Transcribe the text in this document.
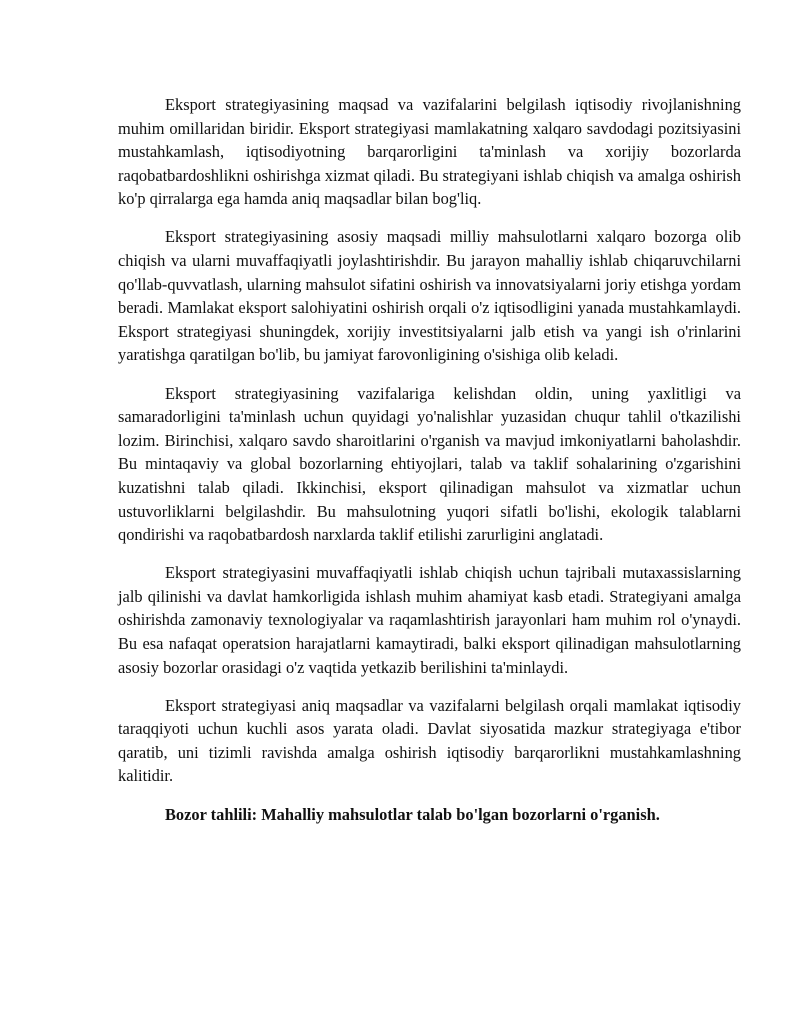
Eksport strategiyasining maqsad va vazifalarini belgilash iqtisodiy rivojlanishning muhim omillaridan biridir. Eksport strategiyasi mamlakatning xalqaro savdodagi pozitsiyasini mustahkamlash, iqtisodiyotning barqarorligini ta'minlash va xorijiy bozorlarda raqobatbardoshlikni oshirishga xizmat qiladi. Bu strategiyani ishlab chiqish va amalga oshirish ko'p qirralarga ega hamda aniq maqsadlar bilan bog'liq.

Eksport strategiyasining asosiy maqsadi milliy mahsulotlarni xalqaro bozorga olib chiqish va ularni muvaffaqiyatli joylashtirishdir. Bu jarayon mahalliy ishlab chiqaruvchilarni qo'llab-quvvatlash, ularning mahsulot sifatini oshirish va innovatsiyalarni joriy etishga yordam beradi. Mamlakat eksport salohiyatini oshirish orqali o'z iqtisodligini yanada mustahkamlaydi. Eksport strategiyasi shuningdek, xorijiy investitsiyalarni jalb etish va yangi ish o'rinlarini yaratishga qaratilgan bo'lib, bu jamiyat farovonligining o'sishiga olib keladi.

Eksport strategiyasining vazifalariga kelishdan oldin, uning yaxlitligi va samaradorligini ta'minlash uchun quyidagi yo'nalishlar yuzasidan chuqur tahlil o'tkazilishi lozim. Birinchisi, xalqaro savdo sharoitlarini o'rganish va mavjud imkoniyatlarni baholashdir. Bu mintaqaviy va global bozorlarning ehtiyojlari, talab va taklif sohalarining o'zgarishini kuzatishni talab qiladi. Ikkinchisi, eksport qilinadigan mahsulot va xizmatlar uchun ustuvorliklarni belgilashdir. Bu mahsulotning yuqori sifatli bo'lishi, ekologik talablarni qondirishi va raqobatbardosh narxlarda taklif etilishi zarurligini anglatadi.

Eksport strategiyasini muvaffaqiyatli ishlab chiqish uchun tajribali mutaxassislarning jalb qilinishi va davlat hamkorligida ishlash muhim ahamiyat kasb etadi. Strategiyani amalga oshirishda zamonaviy texnologiyalar va raqamlashtirish jarayonlari ham muhim rol o'ynaydi. Bu esa nafaqat operatsion harajatlarni kamaytiradi, balki eksport qilinadigan mahsulotlarning asosiy bozorlar orasidagi o'z vaqtida yetkazib berilishini ta'minlaydi.

Eksport strategiyasi aniq maqsadlar va vazifalarni belgilash orqali mamlakat iqtisodiy taraqqiyoti uchun kuchli asos yarata oladi. Davlat siyosatida mazkur strategiyaga e'tibor qaratib, uni tizimli ravishda amalga oshirish iqtisodiy barqarorlikni mustahkamlashning kalitidir.

Bozor tahlili: Mahalliy mahsulotlar talab bo'lgan bozorlarni o'rganish.
